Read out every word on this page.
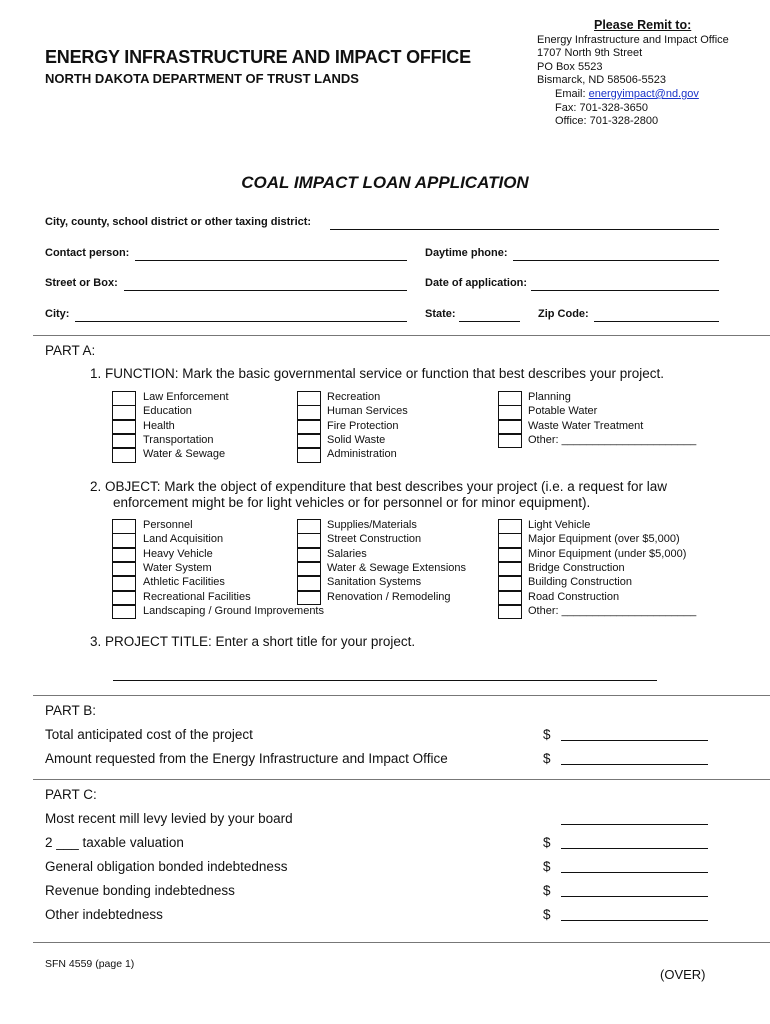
ENERGY INFRASTRUCTURE AND IMPACT OFFICE
NORTH DAKOTA DEPARTMENT OF TRUST LANDS
Please Remit to:
Energy Infrastructure and Impact Office
1707 North 9th Street
PO Box 5523
Bismarck, ND 58506-5523
Email: energyimpact@nd.gov
Fax: 701-328-3650
Office: 701-328-2800
COAL IMPACT LOAN APPLICATION
City, county, school district or other taxing district:
Contact person:	Daytime phone:
Street or Box:	Date of application:
City:	State:	Zip Code:
PART A:
1. FUNCTION: Mark the basic governmental service or function that best describes your project.
Law Enforcement
Education
Health
Transportation
Water & Sewage
Recreation
Human Services
Fire Protection
Solid Waste
Administration
Planning
Potable Water
Waste Water Treatment
Other: ______________________
2. OBJECT: Mark the object of expenditure that best describes your project (i.e. a request for law
enforcement might be for light vehicles or for personnel or for minor equipment).
Personnel
Land Acquisition
Heavy Vehicle
Water System
Athletic Facilities
Recreational Facilities
Landscaping / Ground Improvements
Supplies/Materials
Street Construction
Salaries
Water & Sewage Extensions
Sanitation Systems
Renovation / Remodeling
Light Vehicle
Major Equipment (over $5,000)
Minor Equipment (under $5,000)
Bridge Construction
Building Construction
Road Construction
Other: ______________________
3. PROJECT TITLE: Enter a short title for your project.
PART B:
Total anticipated cost of the project	$
Amount requested from the Energy Infrastructure and Impact Office	$
PART C:
Most recent mill levy levied by your board
2 ___ taxable valuation	$
General obligation bonded indebtedness	$
Revenue bonding indebtedness	$
Other indebtedness	$
SFN 4559 (page 1)
(OVER)
